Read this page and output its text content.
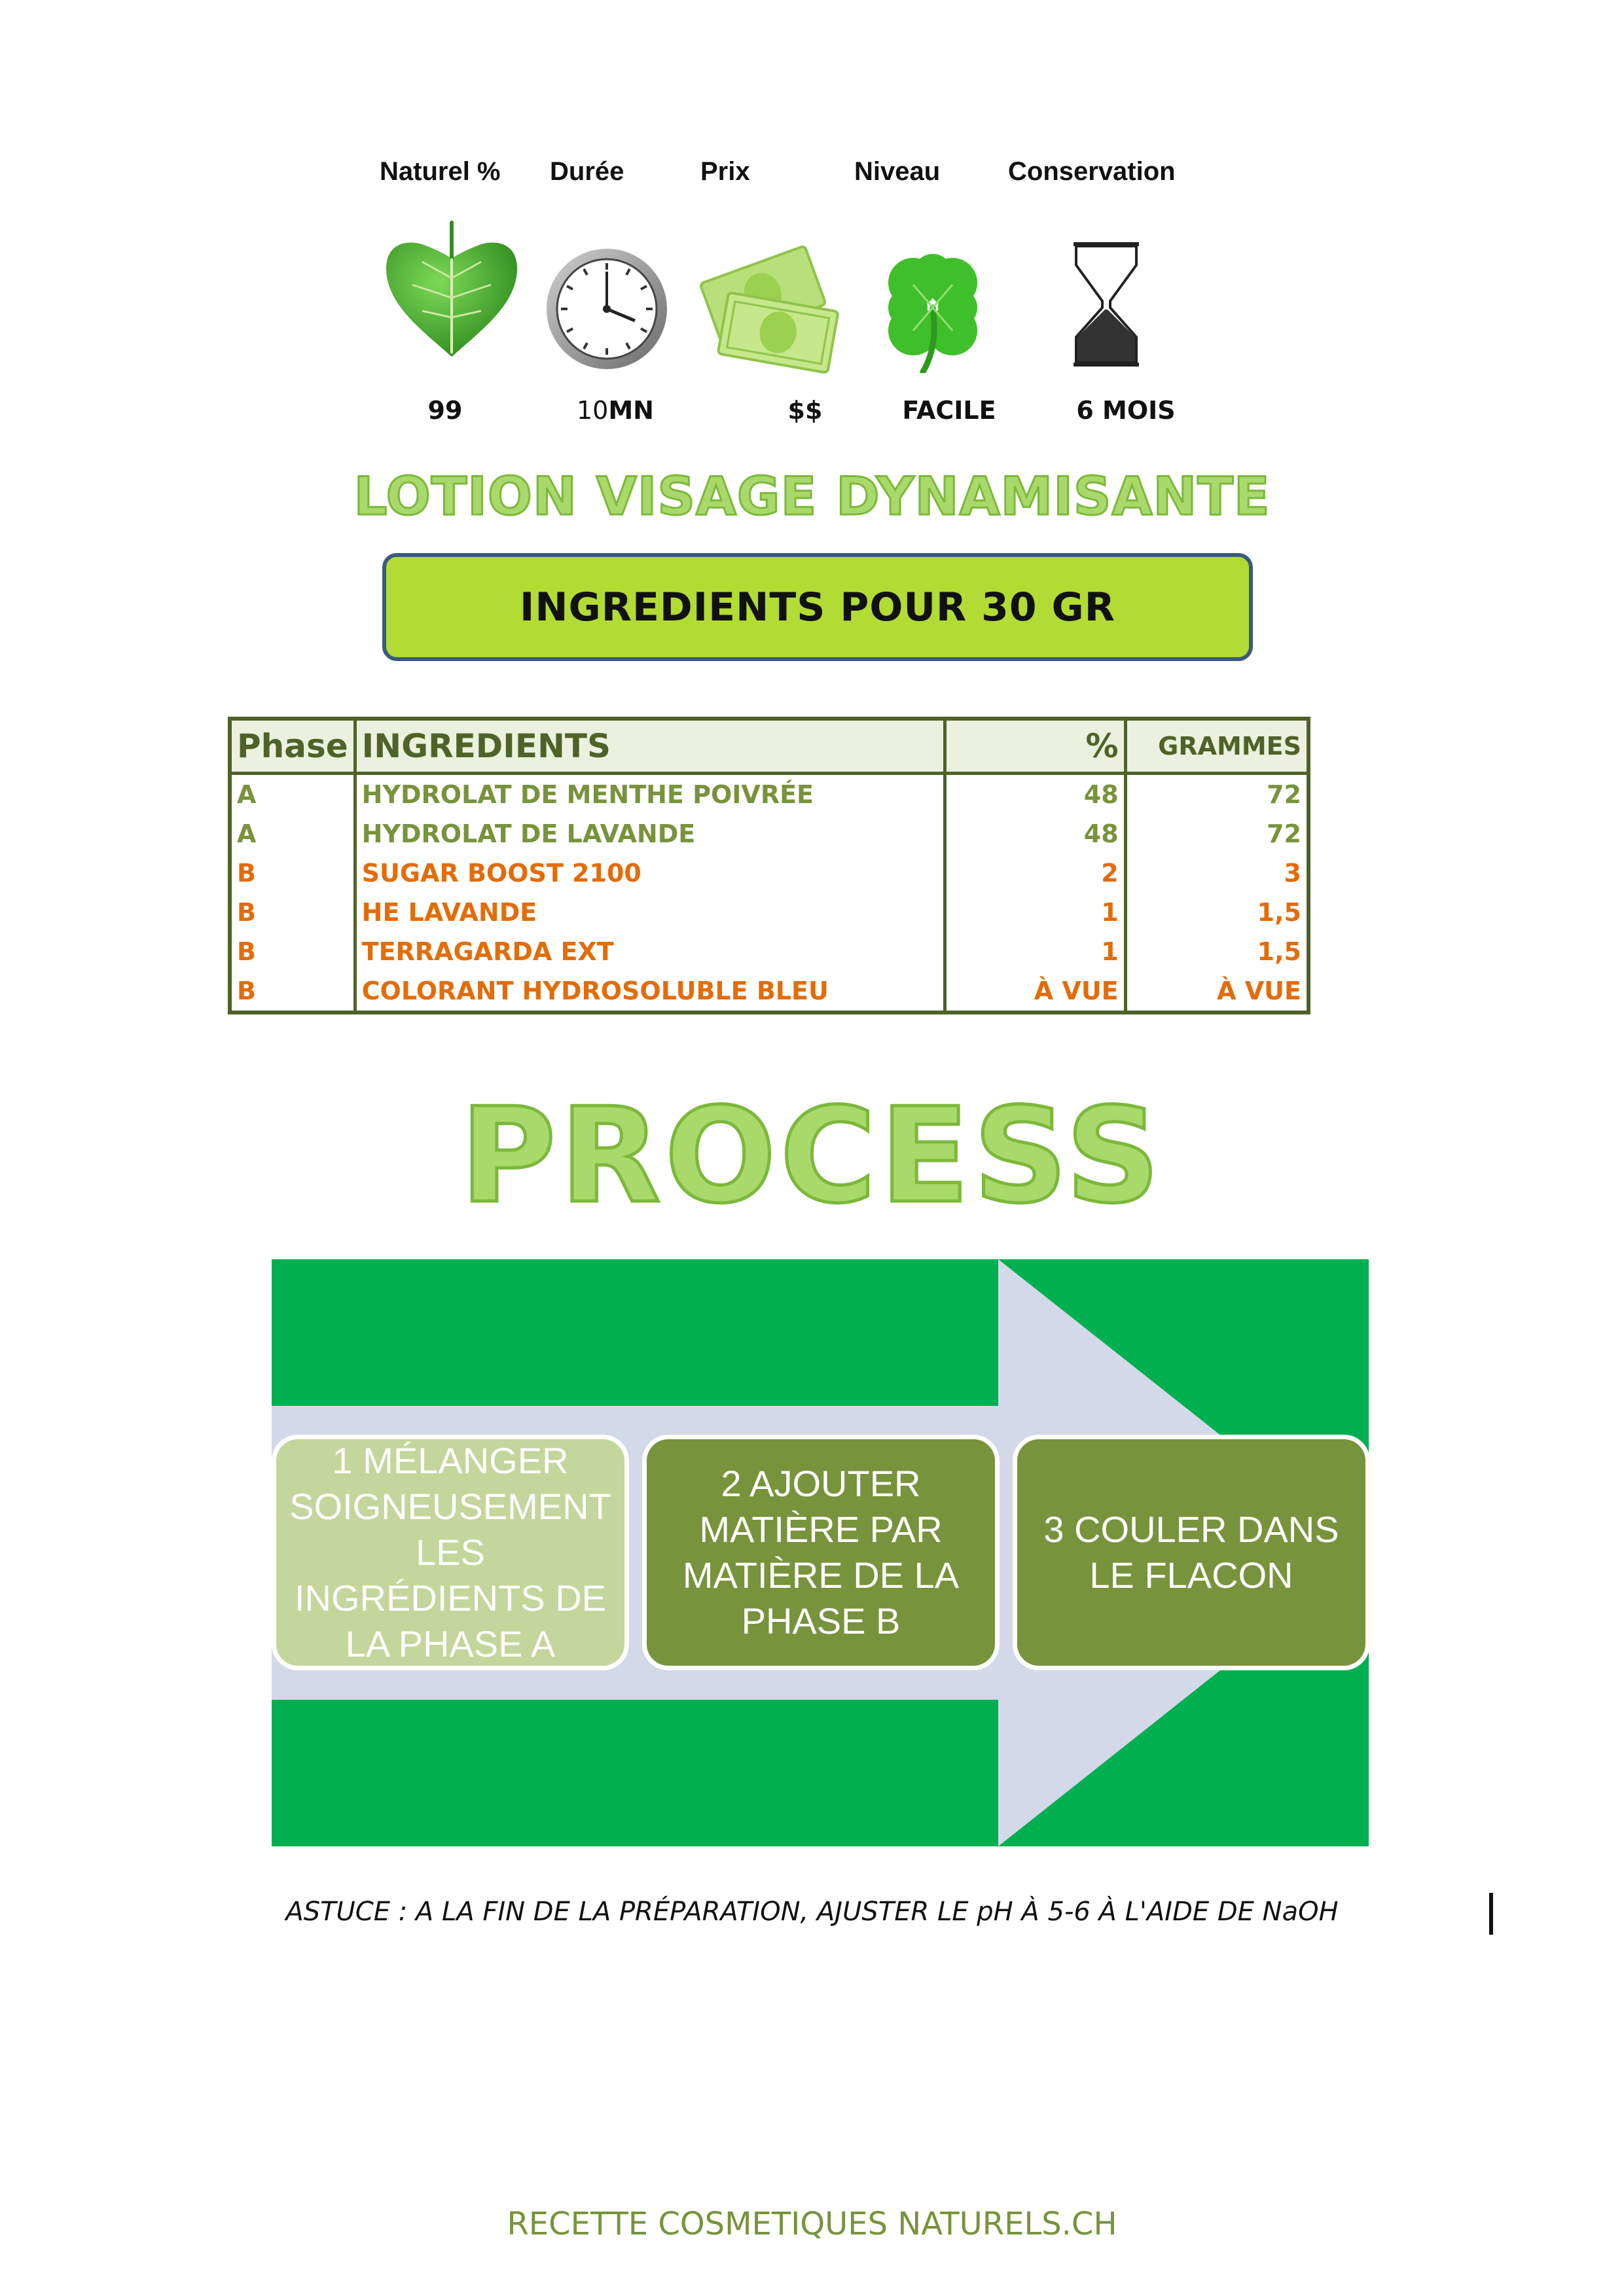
Naturel % Durée	Prix	Niveau	Conservation
99	10MN	$$	FACILE	6 MOIS
LOTION VISAGE DYNAMISANTE
INGREDIENTS POUR 30 GR
Phase	INGREDIENTS	%	GRAMMES
A	HYDROLAT DE MENTHE POIVRÉE	48	72
A	HYDROLAT DE LAVANDE	48	72
B	SUGAR BOOST 2100	2	3
B	HE LAVANDE	1	1,5
B	TERRAGARDA EXT	1	1,5
B	COLORANT HYDROSOLUBLE BLEU	À VUE	À VUE
PROCESS
1 MÉLANGER SOIGNEUSEMENT LES INGRÉDIENTS DE LA PHASE A
2 AJOUTER MATIÈRE PAR MATIÈRE DE LA PHASE B
3 COULER DANS LE FLACON
ASTUCE : A LA FIN DE LA PRÉPARATION, AJUSTER LE pH À 5-6 À L'AIDE DE NaOH
RECETTE COSMETIQUES NATURELS.CH
